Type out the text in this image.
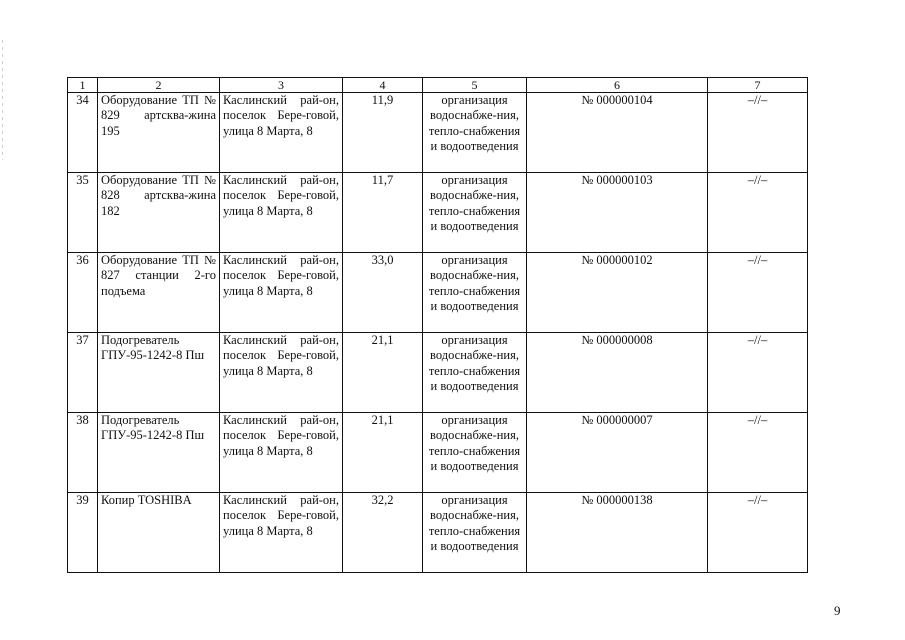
1	2	3	4	5	6	7
34	Оборудование ТП № 829 артсква-жина 195	Каслинский рай-он, поселок Бере-говой, улица 8 Марта, 8	11,9	организация водоснабже-ния, тепло-снабжения и водоотведения	№ 000000104	–//–
35	Оборудование ТП № 828 артсква-жина 182	Каслинский рай-он, поселок Бере-говой, улица 8 Марта, 8	11,7	организация водоснабже-ния, тепло-снабжения и водоотведения	№ 000000103	–//–
36	Оборудование ТП № 827 станции 2-го подъема	Каслинский рай-он, поселок Бере-говой, улица 8 Марта, 8	33,0	организация водоснабже-ния, тепло-снабжения и водоотведения	№ 000000102	–//–
37	Подогреватель ГПУ-95-1242-8 Пш	Каслинский рай-он, поселок Бере-говой, улица 8 Марта, 8	21,1	организация водоснабже-ния, тепло-снабжения и водоотведения	№ 000000008	–//–
38	Подогреватель ГПУ-95-1242-8 Пш	Каслинский рай-он, поселок Бере-говой, улица 8 Марта, 8	21,1	организация водоснабже-ния, тепло-снабжения и водоотведения	№ 000000007	–//–
39	Копир TOSHIBA	Каслинский рай-он, поселок Бере-говой, улица 8 Марта, 8	32,2	организация водоснабже-ния, тепло-снабжения и водоотведения	№ 000000138	–//–
9
